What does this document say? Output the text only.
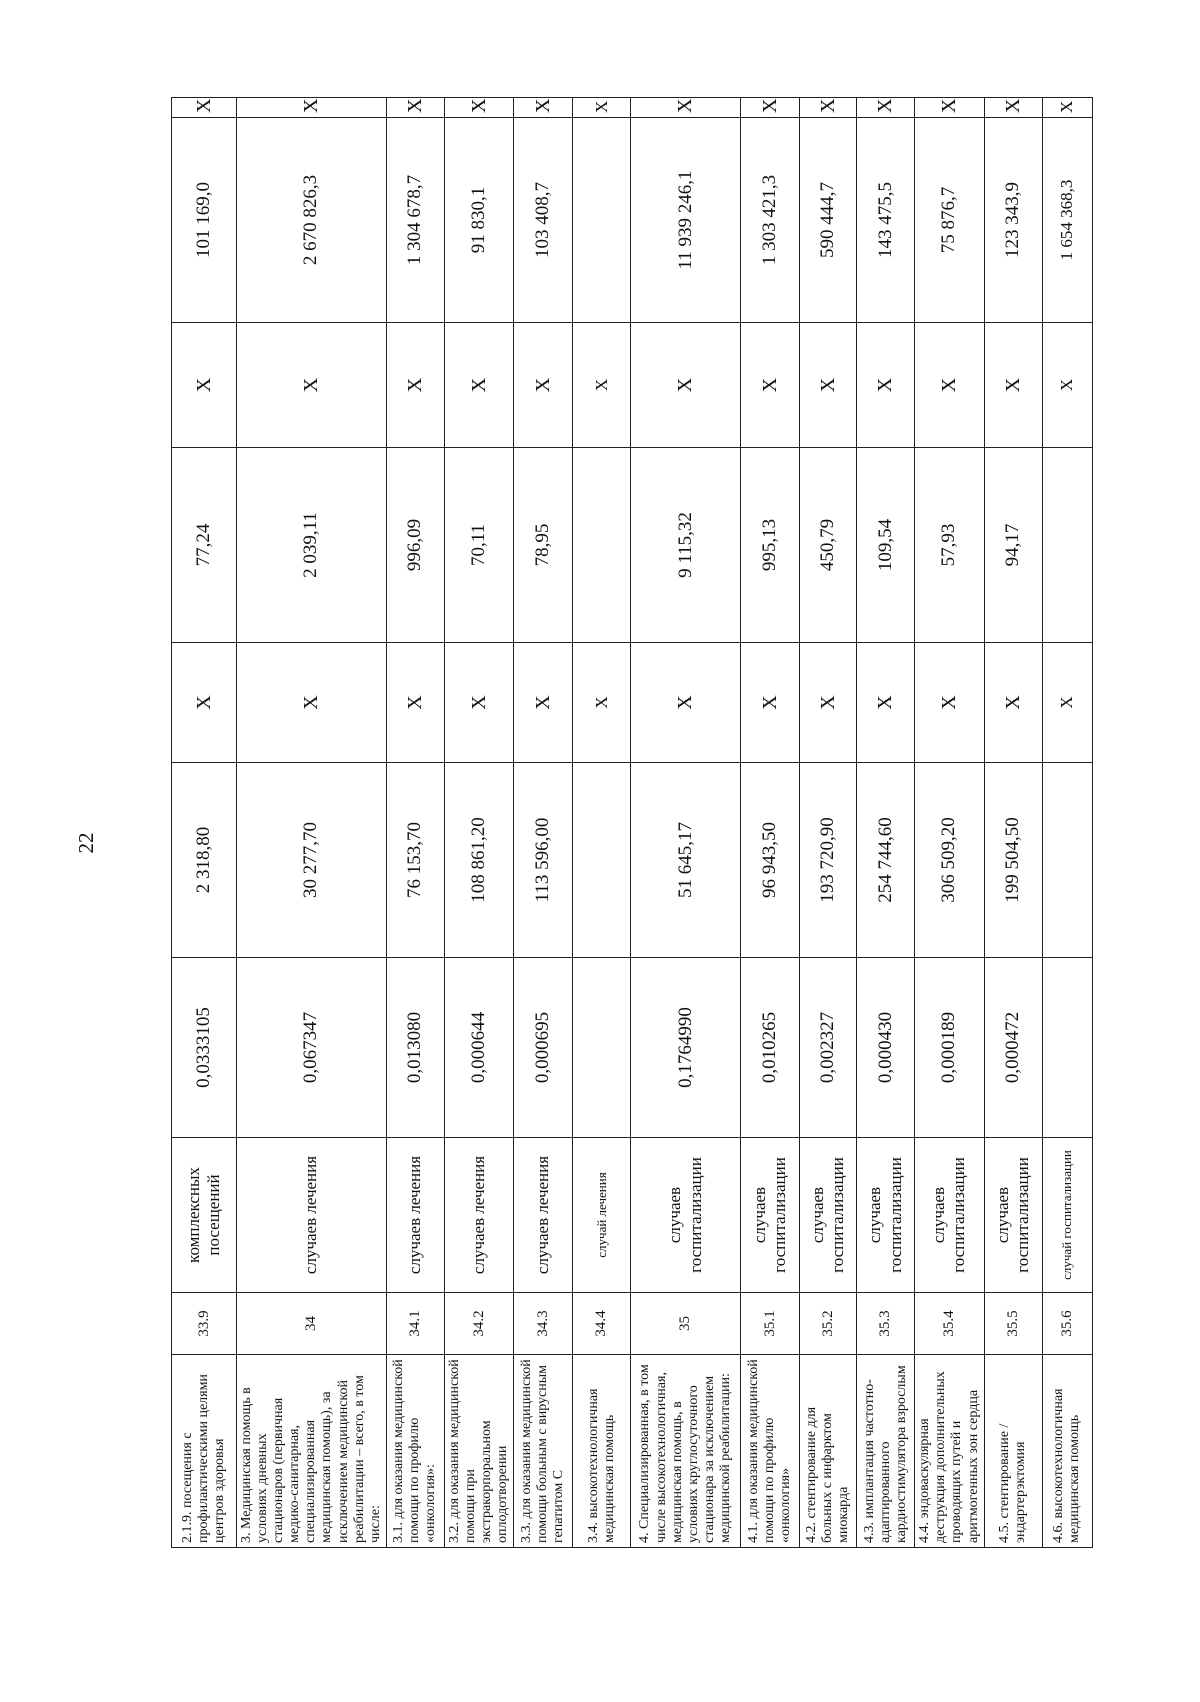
22
2.1.9. посещения с профилактическими целями центров здоровья	33.9	комплексных посещений	0,0333105	2 318,80	X	77,24	X	101 169,0	X
3. Медицинская помощь в условиях дневных стационаров (первичная медико-санитарная, специализированная медицинская помощь), за исключением медицинской реабилитации – всего, в том числе:	34	случаев лечения	0,067347	30 277,70	X	2 039,11	X	2 670 826,3	X
3.1. для оказания медицинской помощи по профилю «онкология»:	34.1	случаев лечения	0,013080	76 153,70	X	996,09	X	1 304 678,7	X
3.2. для оказания медицинской помощи при экстракорпоральном оплодотворении	34.2	случаев лечения	0,000644	108 861,20	X	70,11	X	91 830,1	X
3.3. для оказания медицинской помощи больным с вирусным гепатитом С	34.3	случаев лечения	0,000695	113 596,00	X	78,95	X	103 408,7	X
3.4. высокотехнологичная медицинская помощь	34.4	случай лечения			X		X		X
4. Специализированная, в том числе высокотехнологичная, медицинская помощь, в условиях круглосуточного стационара за исключением медицинской реабилитации:	35	случаев госпитализации	0,1764990	51 645,17	X	9 115,32	X	11 939 246,1	X
4.1. для оказания медицинской помощи по профилю «онкология»	35.1	случаев госпитализации	0,010265	96 943,50	X	995,13	X	1 303 421,3	X
4.2. стентирование для больных с инфарктом миокарда	35.2	случаев госпитализации	0,002327	193 720,90	X	450,79	X	590 444,7	X
4.3. имплантация частотно-адаптированного кардиостимулятора взрослым	35.3	случаев госпитализации	0,000430	254 744,60	X	109,54	X	143 475,5	X
4.4. эндоваскулярная деструкция дополнительных проводящих путей и аритмогенных зон сердца	35.4	случаев госпитализации	0,000189	306 509,20	X	57,93	X	75 876,7	X
4.5. стентирование / эндартерэктомия	35.5	случаев госпитализации	0,000472	199 504,50	X	94,17	X	123 343,9	X
4.6. высокотехнологичная медицинская помощь	35.6	случай госпитализации			X		X	1 654 368,3	X
